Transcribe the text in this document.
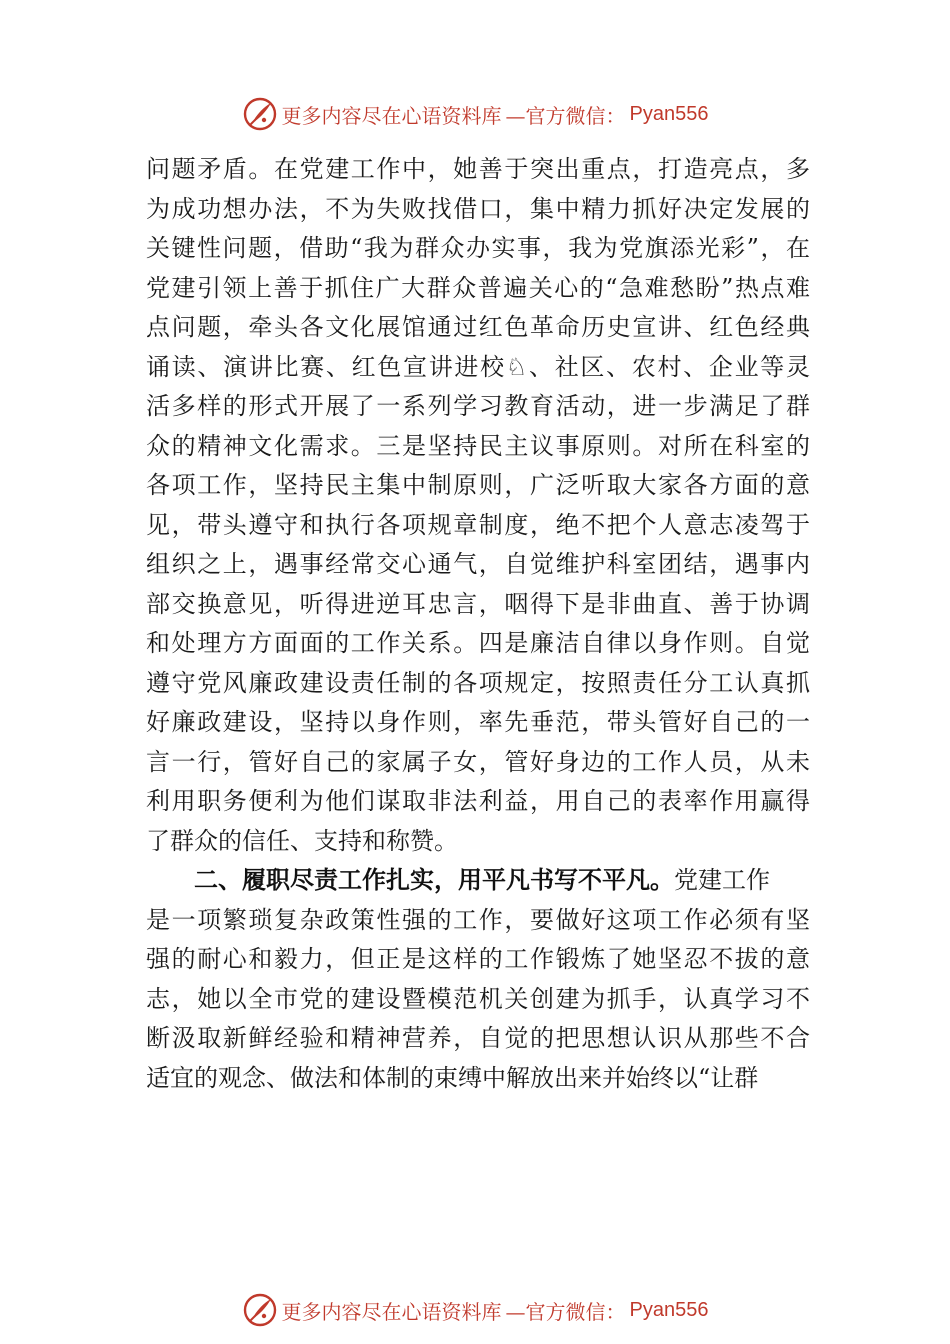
更多内容尽在心语资料库 —官方微信： Pyan556
问题矛盾。在党建工作中，她善于突出重点，打造亮点，多
为成功想办法，不为失败找借口，集中精力抓好决定发展的
关键性问题，借助“我为群众办实事，我为党旗添光彩”，在
党建引领上善于抓住广大群众普遍关心的“急难愁盼”热点难
点问题，牵头各文化展馆通过红色革命历史宣讲、红色经典
诵读、演讲比赛、红色宣讲进校♘、社区、农村、企业等灵
活多样的形式开展了一系列学习教育活动，进一步满足了群
众的精神文化需求。三是坚持民主议事原则。对所在科室的
各项工作，坚持民主集中制原则，广泛听取大家各方面的意
见，带头遵守和执行各项规章制度，绝不把个人意志凌驾于
组织之上，遇事经常交心通气，自觉维护科室团结，遇事内
部交换意见，听得进逆耳忠言，咽得下是非曲直、善于协调
和处理方方面面的工作关系。四是廉洁自律以身作则。自觉
遵守党风廉政建设责任制的各项规定，按照责任分工认真抓
好廉政建设，坚持以身作则，率先垂范，带头管好自己的一
言一行，管好自己的家属子女，管好身边的工作人员，从未
利用职务便利为他们谋取非法利益，用自己的表率作用赢得
了群众的信任、支持和称赞。
二、履职尽责工作扎实，用平凡书写不平凡。党建工作
是一项繁琐复杂政策性强的工作，要做好这项工作必须有坚
强的耐心和毅力，但正是这样的工作锻炼了她坚忍不拔的意
志，她以全市党的建设暨模范机关创建为抓手，认真学习不
断汲取新鲜经验和精神营养，自觉的把思想认识从那些不合
适宜的观念、做法和体制的束缚中解放出来并始终以“让群
更多内容尽在心语资料库 —官方微信： Pyan556
